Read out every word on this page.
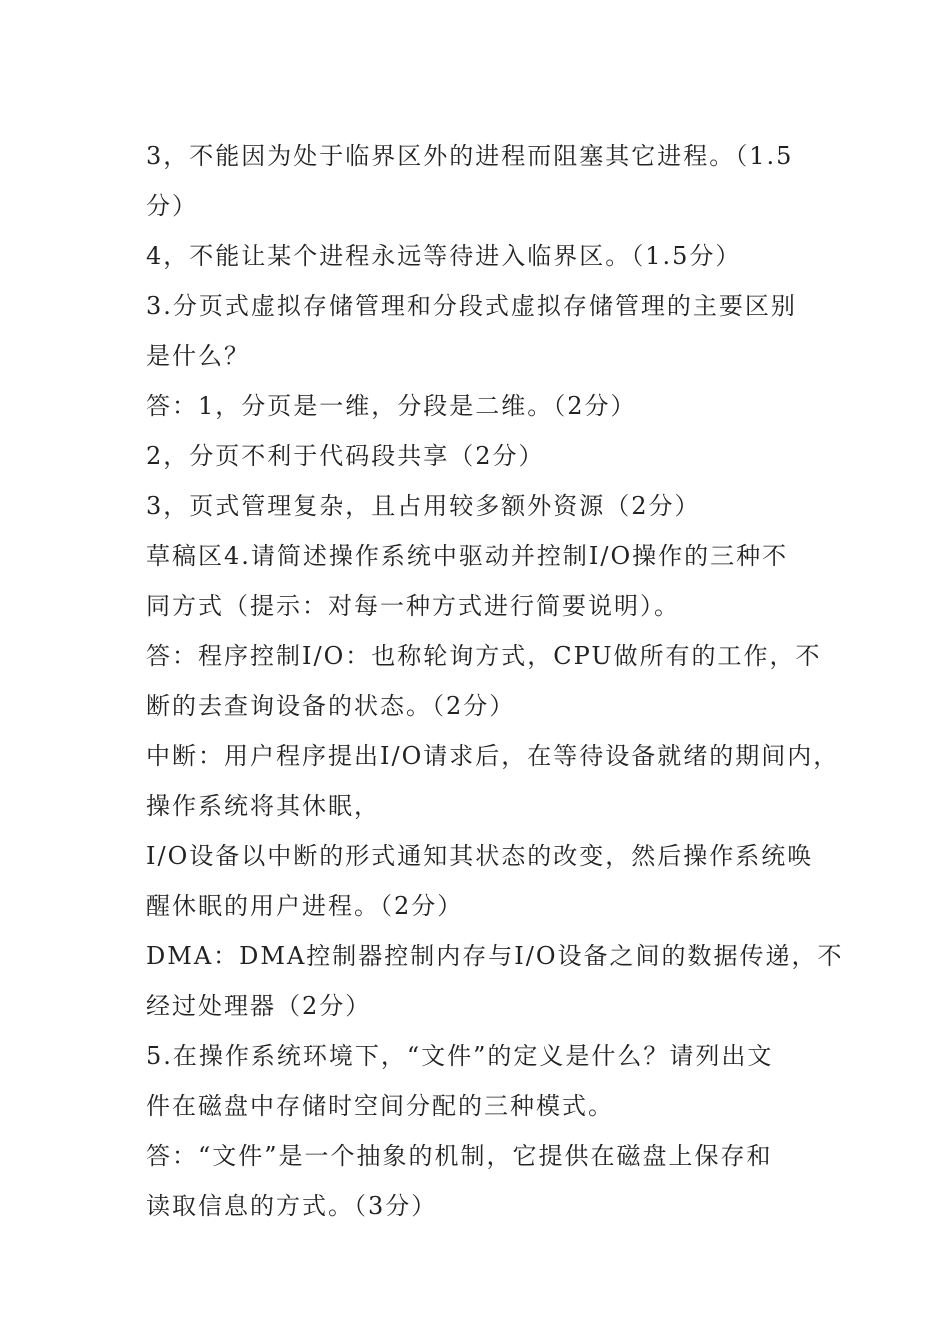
3，不能因为处于临界区外的进程而阻塞其它进程。（1.5
分）
4，不能让某个进程永远等待进入临界区。（1.5分）
3.分页式虚拟存储管理和分段式虚拟存储管理的主要区别
是什么？
答：1，分页是一维，分段是二维。（2分）
2，分页不利于代码段共享（2分）
3，页式管理复杂，且占用较多额外资源（2分）
草稿区4.请简述操作系统中驱动并控制I/O操作的三种不
同方式（提示：对每一种方式进行简要说明）。
答：程序控制I/O：也称轮询方式，CPU做所有的工作，不
断的去查询设备的状态。（2分）
中断：用户程序提出I/O请求后，在等待设备就绪的期间内，
操作系统将其休眠，
I/O设备以中断的形式通知其状态的改变，然后操作系统唤
醒休眠的用户进程。（2分）
DMA：DMA控制器控制内存与I/O设备之间的数据传递，不
经过处理器（2分）
5.在操作系统环境下，“文件”的定义是什么？请列出文
件在磁盘中存储时空间分配的三种模式。
答：“文件”是一个抽象的机制，它提供在磁盘上保存和
读取信息的方式。（3分）
